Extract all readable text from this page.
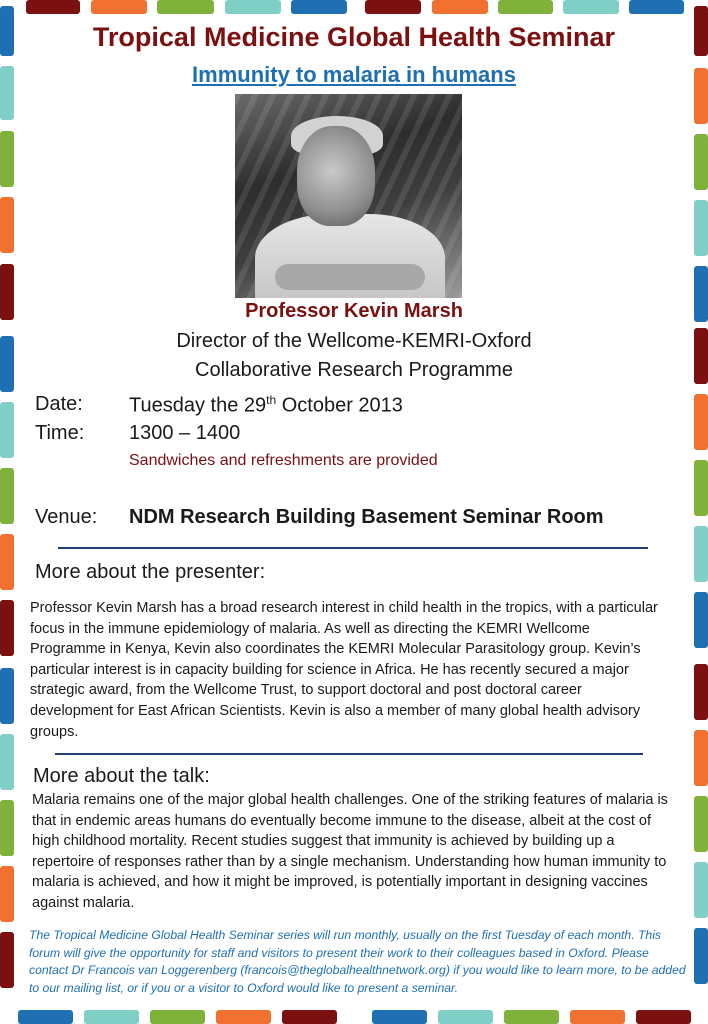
Tropical Medicine Global Health Seminar
Immunity to malaria in humans
Professor Kevin Marsh
Director of the Wellcome-KEMRI-Oxford
Collaborative Research Programme
Date: Tuesday the 29th October 2013
Time: 1300 – 1400
Sandwiches and refreshments are provided
Venue: NDM Research Building Basement Seminar Room
More about the presenter:
Professor Kevin Marsh has a broad research interest in child health in the tropics, with a particular focus in the immune epidemiology of malaria. As well as directing the KEMRI Wellcome Programme in Kenya, Kevin also coordinates the KEMRI Molecular Parasitology group. Kevin’s particular interest is in capacity building for science in Africa. He has recently secured a major strategic award, from the Wellcome Trust, to support doctoral and post doctoral career development for East African Scientists. Kevin is also a member of many global health advisory groups.
More about the talk:
Malaria remains one of the major global health challenges. One of the striking features of malaria is that in endemic areas humans do eventually become immune to the disease, albeit at the cost of high childhood mortality. Recent studies suggest that immunity is achieved by building up a repertoire of responses rather than by a single mechanism. Understanding how human immunity to malaria is achieved, and how it might be improved, is potentially important in designing vaccines against malaria.
The Tropical Medicine Global Health Seminar series will run monthly, usually on the first Tuesday of each month. This forum will give the opportunity for staff and visitors to present their work to their colleagues based in Oxford. Please contact Dr Francois van Loggerenberg (francois@theglobalhealthnetwork.org) if you would like to learn more, to be added to our mailing list, or if you or a visitor to Oxford would like to present a seminar.
